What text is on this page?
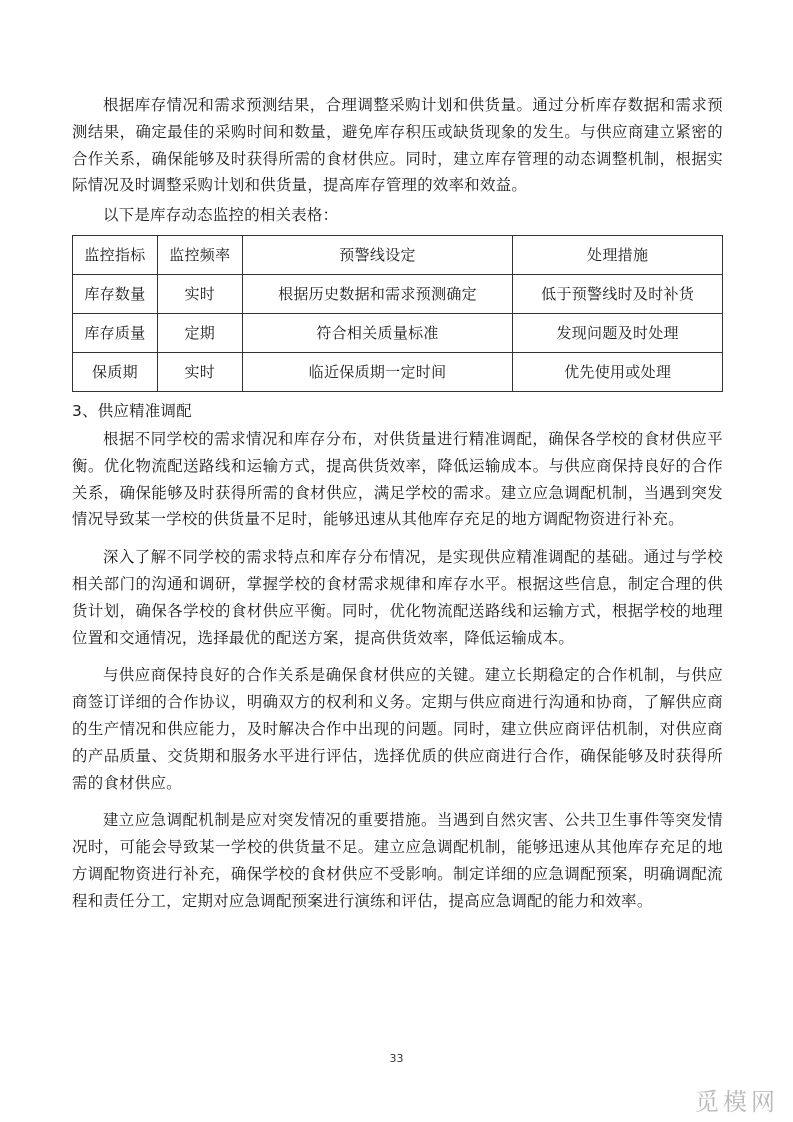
根据库存情况和需求预测结果，合理调整采购计划和供货量。通过分析库存数据和需求预测结果，确定最佳的采购时间和数量，避免库存积压或缺货现象的发生。与供应商建立紧密的合作关系，确保能够及时获得所需的食材供应。同时，建立库存管理的动态调整机制，根据实际情况及时调整采购计划和供货量，提高库存管理的效率和效益。

以下是库存动态监控的相关表格：

监控指标	监控频率	预警线设定	处理措施
库存数量	实时	根据历史数据和需求预测确定	低于预警线时及时补货
库存质量	定期	符合相关质量标准	发现问题及时处理
保质期	实时	临近保质期一定时间	优先使用或处理
3、供应精准调配

根据不同学校的需求情况和库存分布，对供货量进行精准调配，确保各学校的食材供应平衡。优化物流配送路线和运输方式，提高供货效率，降低运输成本。与供应商保持良好的合作关系，确保能够及时获得所需的食材供应，满足学校的需求。建立应急调配机制，当遇到突发情况导致某一学校的供货量不足时，能够迅速从其他库存充足的地方调配物资进行补充。

深入了解不同学校的需求特点和库存分布情况，是实现供应精准调配的基础。通过与学校相关部门的沟通和调研，掌握学校的食材需求规律和库存水平。根据这些信息，制定合理的供货计划，确保各学校的食材供应平衡。同时，优化物流配送路线和运输方式，根据学校的地理位置和交通情况，选择最优的配送方案，提高供货效率，降低运输成本。

与供应商保持良好的合作关系是确保食材供应的关键。建立长期稳定的合作机制，与供应商签订详细的合作协议，明确双方的权利和义务。定期与供应商进行沟通和协商，了解供应商的生产情况和供应能力，及时解决合作中出现的问题。同时，建立供应商评估机制，对供应商的产品质量、交货期和服务水平进行评估，选择优质的供应商进行合作，确保能够及时获得所需的食材供应。

建立应急调配机制是应对突发情况的重要措施。当遇到自然灾害、公共卫生事件等突发情况时，可能会导致某一学校的供货量不足。建立应急调配机制，能够迅速从其他库存充足的地方调配物资进行补充，确保学校的食材供应不受影响。制定详细的应急调配预案，明确调配流程和责任分工，定期对应急调配预案进行演练和评估，提高应急调配的能力和效率。

33
觅模网
